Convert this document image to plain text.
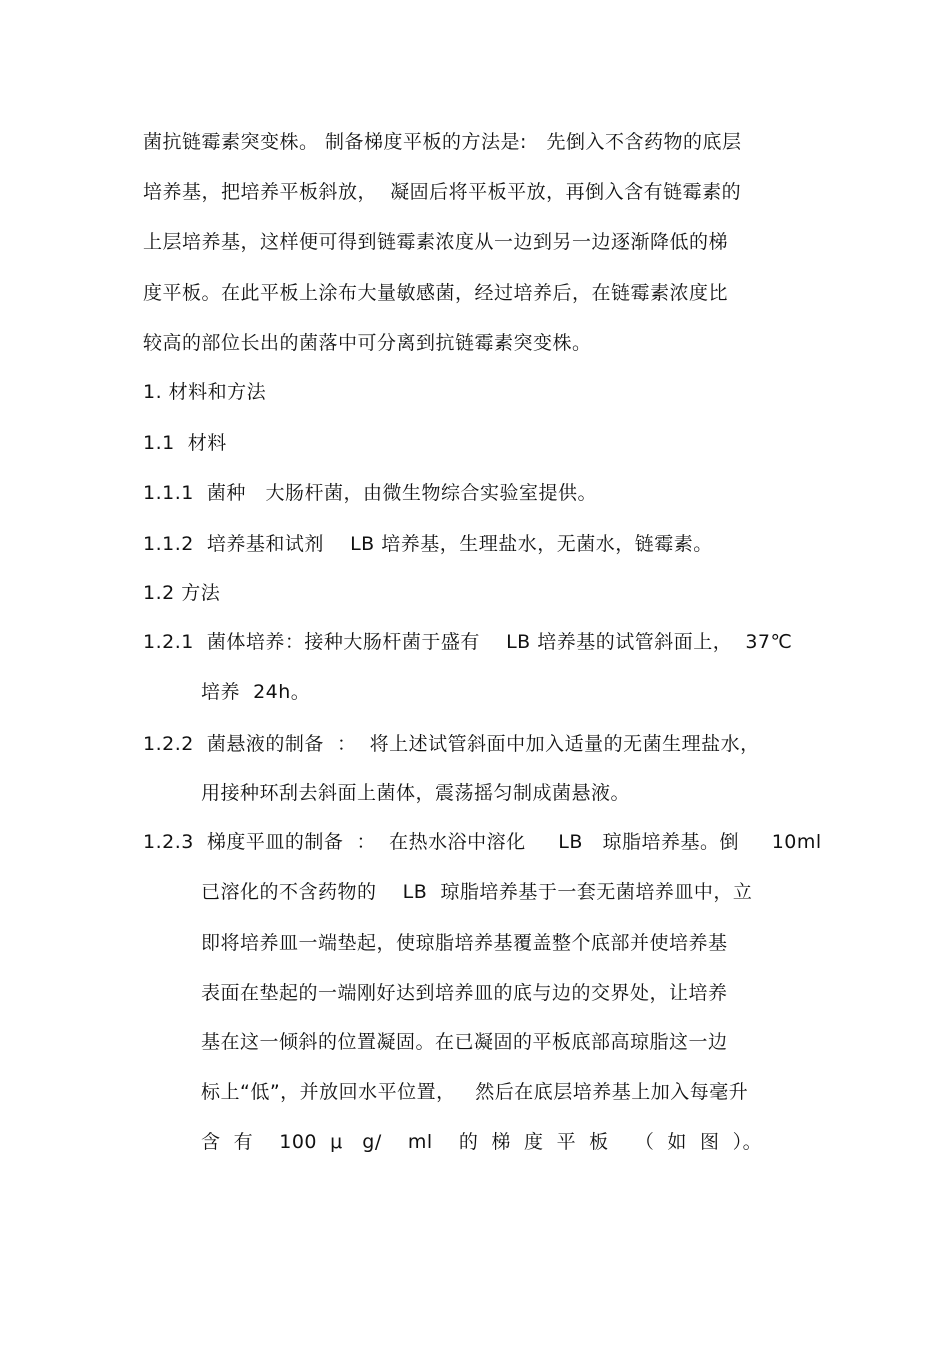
菌抗链霉素突变株。 制备梯度平板的方法是:   先倒入不含药物的底层
培养基，把培养平板斜放，  凝固后将平板平放，再倒入含有链霉素的
上层培养基，这样便可得到链霉素浓度从一边到另一边逐渐降低的梯
度平板。在此平板上涂布大量敏感菌，经过培养后，在链霉素浓度比
较高的部位长出的菌落中可分离到抗链霉素突变株。
1. 材料和方法
1.1  材料
1.1.1  菌种   大肠杆菌，由微生物综合实验室提供。
1.1.2  培养基和试剂    LB 培养基，生理盐水，无菌水，链霉素。
1.2 方法
1.2.1  菌体培养：接种大肠杆菌于盛有    LB 培养基的试管斜面上，  37℃
培养  24h。
1.2.2  菌悬液的制备  ：  将上述试管斜面中加入适量的无菌生理盐水，
用接种环刮去斜面上菌体，震荡摇匀制成菌悬液。
1.2.3  梯度平皿的制备  ：  在热水浴中溶化     LB   琼脂培养基。倒     10ml
已溶化的不含药物的    LB  琼脂培养基于一套无菌培养皿中，立
即将培养皿一端垫起，使琼脂培养基覆盖整个底部并使培养基
表面在垫起的一端刚好达到培养皿的底与边的交界处，让培养
基在这一倾斜的位置凝固。在已凝固的平板底部高琼脂这一边
标上“低”，并放回水平位置，   然后在底层培养基上加入每毫升
含  有    100  μ   g/    ml    的  梯  度  平  板    （  如  图  ）。
